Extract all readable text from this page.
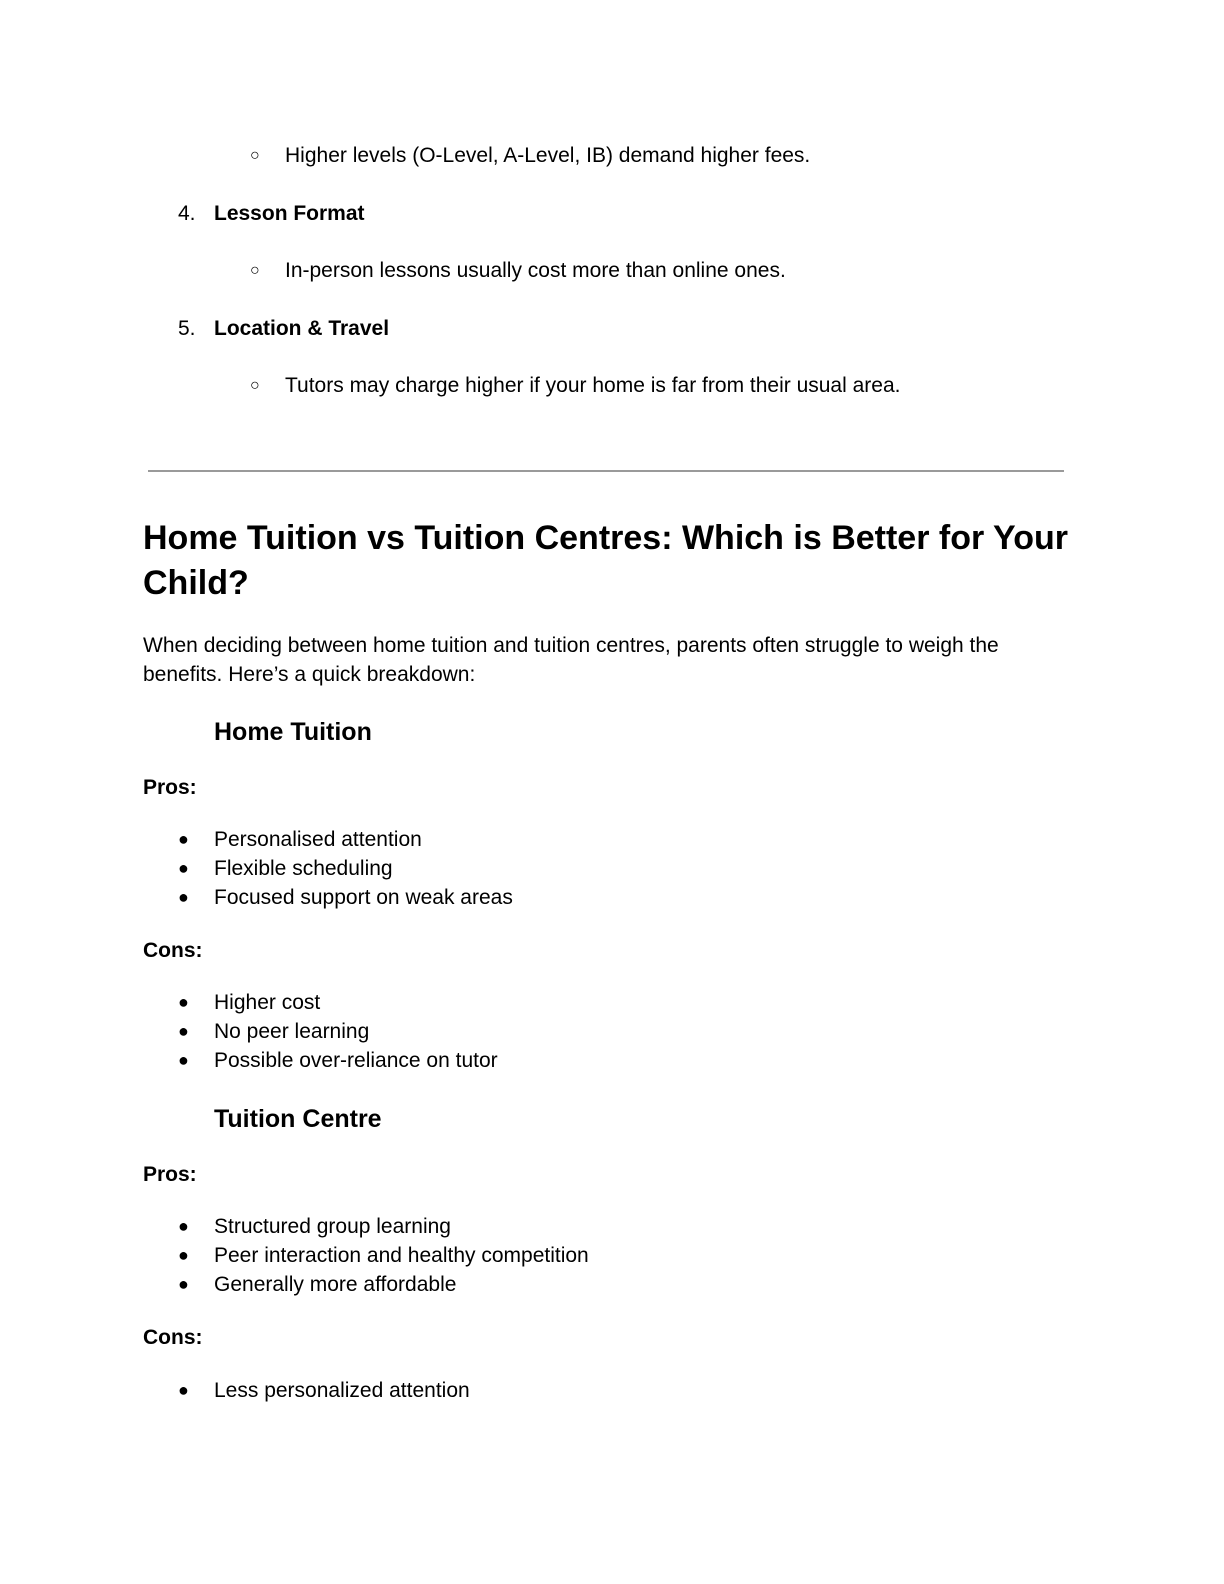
○ Higher levels (O-Level, A-Level, IB) demand higher fees.
4. Lesson Format
○ In-person lessons usually cost more than online ones.
5. Location & Travel
○ Tutors may charge higher if your home is far from their usual area.
Home Tuition vs Tuition Centres: Which is Better for Your
Child?
When deciding between home tuition and tuition centres, parents often struggle to weigh the benefits. Here’s a quick breakdown:
Home Tuition
Pros:
● Personalised attention
● Flexible scheduling
● Focused support on weak areas
Cons:
● Higher cost
● No peer learning
● Possible over-reliance on tutor
Tuition Centre
Pros:
● Structured group learning
● Peer interaction and healthy competition
● Generally more affordable
Cons:
● Less personalized attention
